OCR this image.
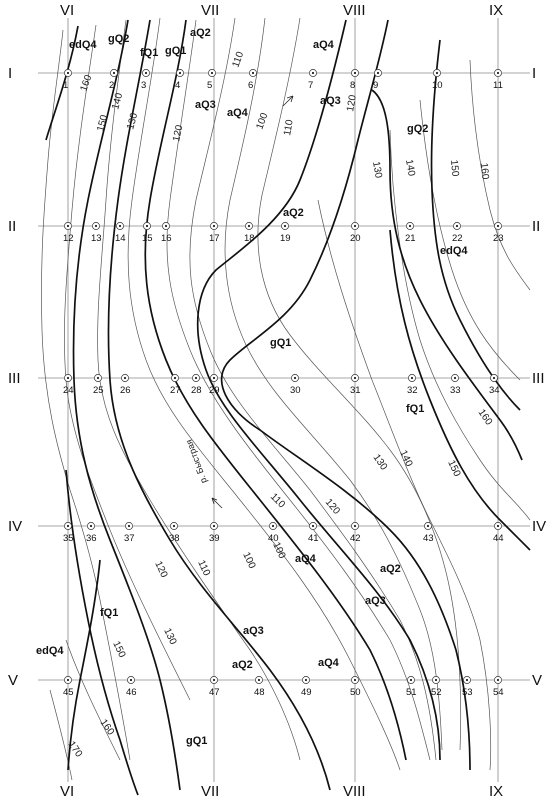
VI	VII	VIII	IX
VI	VII	VIII	IX
I
II
III
IV
V
I
II
III
IV
V
1	2	3	4	5	6	7	8 9	10	11
12 13 14 15 16	17	18	19	20	21	22	23
24 25 26	27 28 29	30	31	32	33	34
35 36	37	38	39	40	41	42	43	44
45	46	47	48	49	50	51 52 53 54
160
150
140
130
120
110
100 110
120
130 140	150 160
160
150
140
130
120
110
100
100
110
120
130
150
160
170
edQ4 gQ2
fQ1 gQ1
aQ2
aQ4
aQ3
aQ4
aQ3
aQ2
gQ2
edQ4
gQ1
fQ1
aQ4
aQ2
aQ3
fQ1
edQ4
aQ3
aQ2	aQ4
gQ1
р. Быстрая
